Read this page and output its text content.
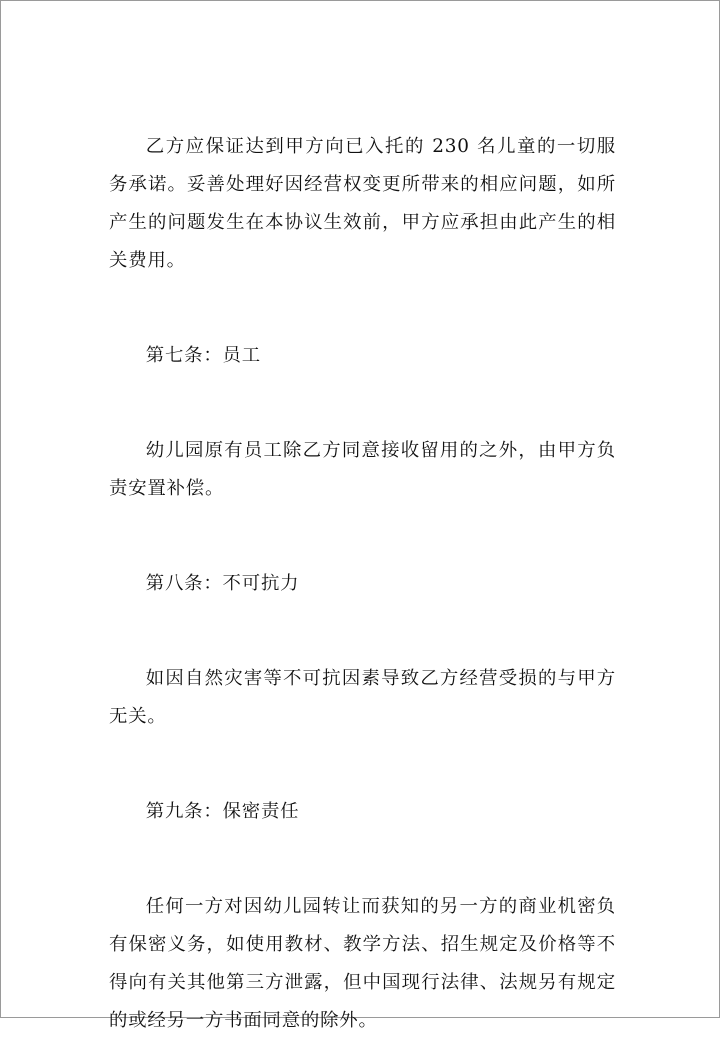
乙方应保证达到甲方向已入托的 230 名儿童的一切服务承诺。妥善处理好因经营权变更所带来的相应问题，如所产生的问题发生在本协议生效前，甲方应承担由此产生的相关费用。

第七条：员工

幼儿园原有员工除乙方同意接收留用的之外，由甲方负责安置补偿。

第八条：不可抗力

如因自然灾害等不可抗因素导致乙方经营受损的与甲方无关。

第九条：保密责任

任何一方对因幼儿园转让而获知的另一方的商业机密负有保密义务，如使用教材、教学方法、招生规定及价格等不得向有关其他第三方泄露，但中国现行法律、法规另有规定的或经另一方书面同意的除外。
